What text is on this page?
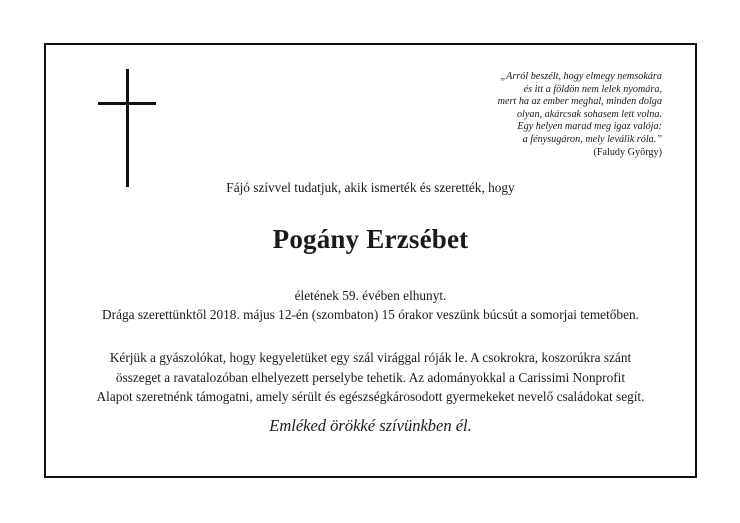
„Arról beszélt, hogy elmegy nemsokára
és itt a földön nem lelek nyomára,
mert ha az ember meghal, minden dolga
olyan, akárcsak sohasem lett volna.
Egy helyen marad meg igaz valója:
a fénysugáron, mely leválik róla.”
(Faludy György)
Fájó szívvel tudatjuk, akik ismerték és szerették, hogy
Pogány Erzsébet
életének 59. évében elhunyt.
Drága szerettünktől 2018. május 12-én (szombaton) 15 órakor veszünk búcsút a somorjai temetőben.
Kérjük a gyászolókat, hogy kegyeletüket egy szál virággal róják le. A csokrokra, koszorúkra szánt
összeget a ravatalozóban elhelyezett perselybe tehetik. Az adományokkal a Carissimi Nonprofit
Alapot szeretnénk támogatni, amely sérült és egészségkárosodott gyermekeket nevelő családokat segít.
Emléked örökké szívünkben él.
